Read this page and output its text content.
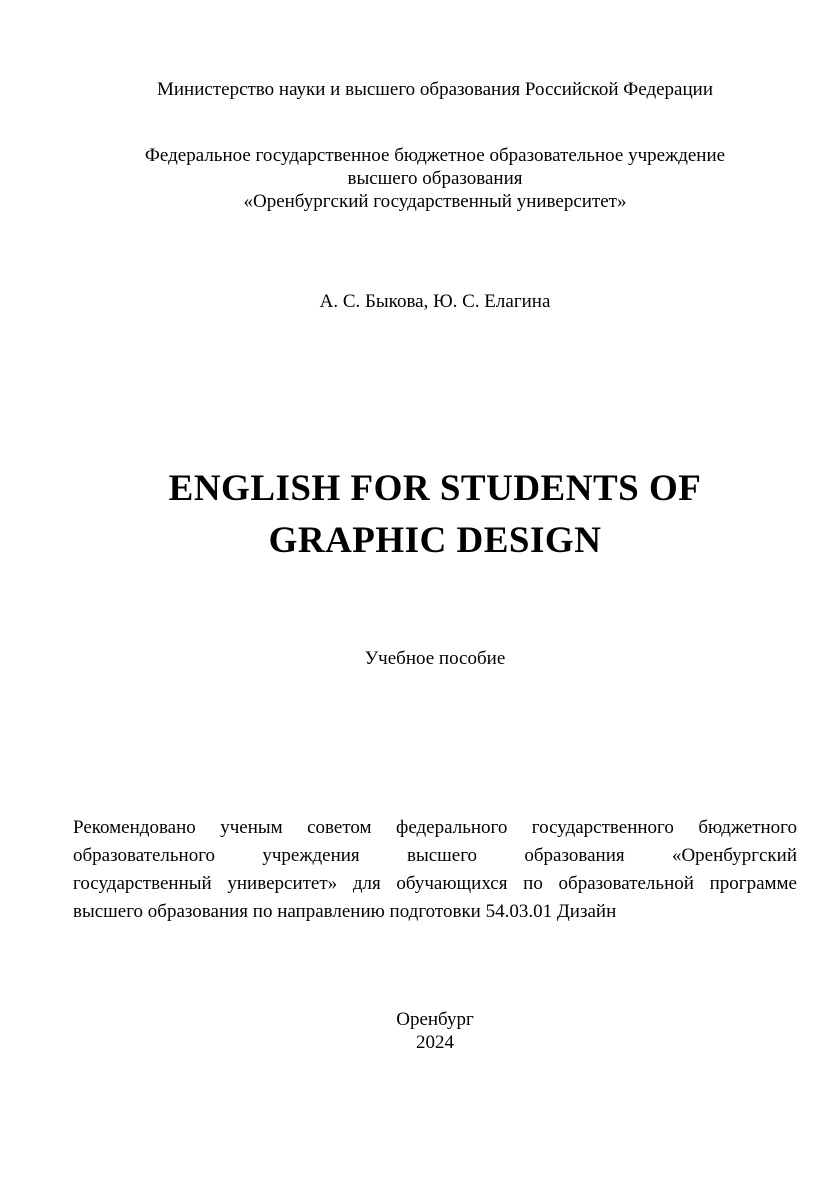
Министерство науки и высшего образования Российской Федерации
Федеральное государственное бюджетное образовательное учреждение
высшего образования
«Оренбургский государственный университет»
А. С. Быкова, Ю. С. Елагина
ENGLISH FOR STUDENTS OF
GRAPHIC DESIGN
Учебное пособие
Рекомендовано ученым советом федерального государственного бюджетного
образовательного учреждения высшего образования «Оренбургский
государственный университет» для обучающихся по образовательной программе
высшего образования по направлению подготовки 54.03.01 Дизайн
Оренбург
2024
